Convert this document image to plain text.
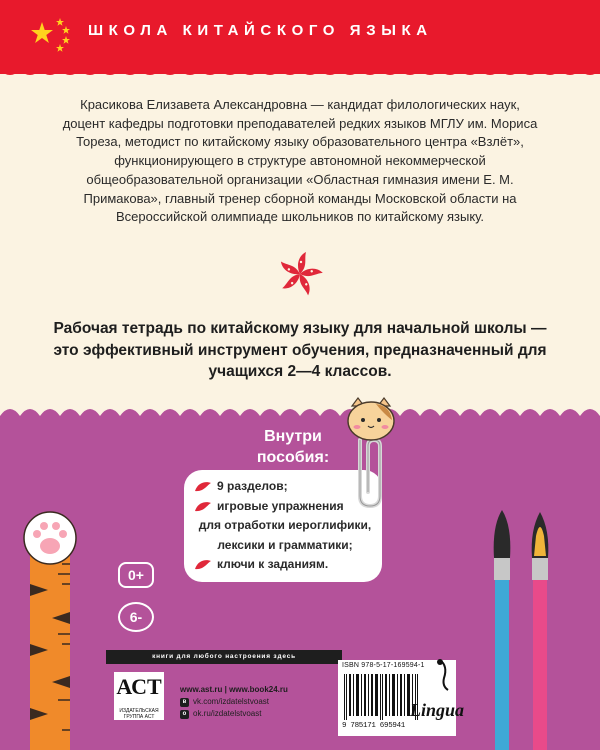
ШКОЛА КИТАЙСКОГО ЯЗЫКА
Красикова Елизавета Александровна — кандидат филологических наук, доцент кафедры подготовки преподавателей редких языков МГЛУ им. Мориса Тореза, методист по китайскому языку образовательного центра «Взлёт», функционирующего в структуре автономной некоммерческой общеобразовательной организации «Областная гимназия имени Е. М. Примакова», главный тренер сборной команды Московской области на Всероссийской олимпиаде школьников по китайскому языку.
Рабочая тетрадь по китайскому языку для начальной школы — это эффективный инструмент обучения, предназначенный для учащихся 2—4 классов.
Внутри
пособия:
9 разделов;
игровые упражнения
для отработки иероглифики,
лексики и грамматики;
ключи к заданиям.
0+
6-
книги для любого настроения здесь
АСТ
ИЗДАТЕЛЬСКАЯ ГРУППА АСТ
www.ast.ru | www.book24.ru
в vk.com/izdatelstvoast
о ok.ru/izdatelstvoast
ISBN 978-5-17-169594-1
9 785171 695941
Lingua
